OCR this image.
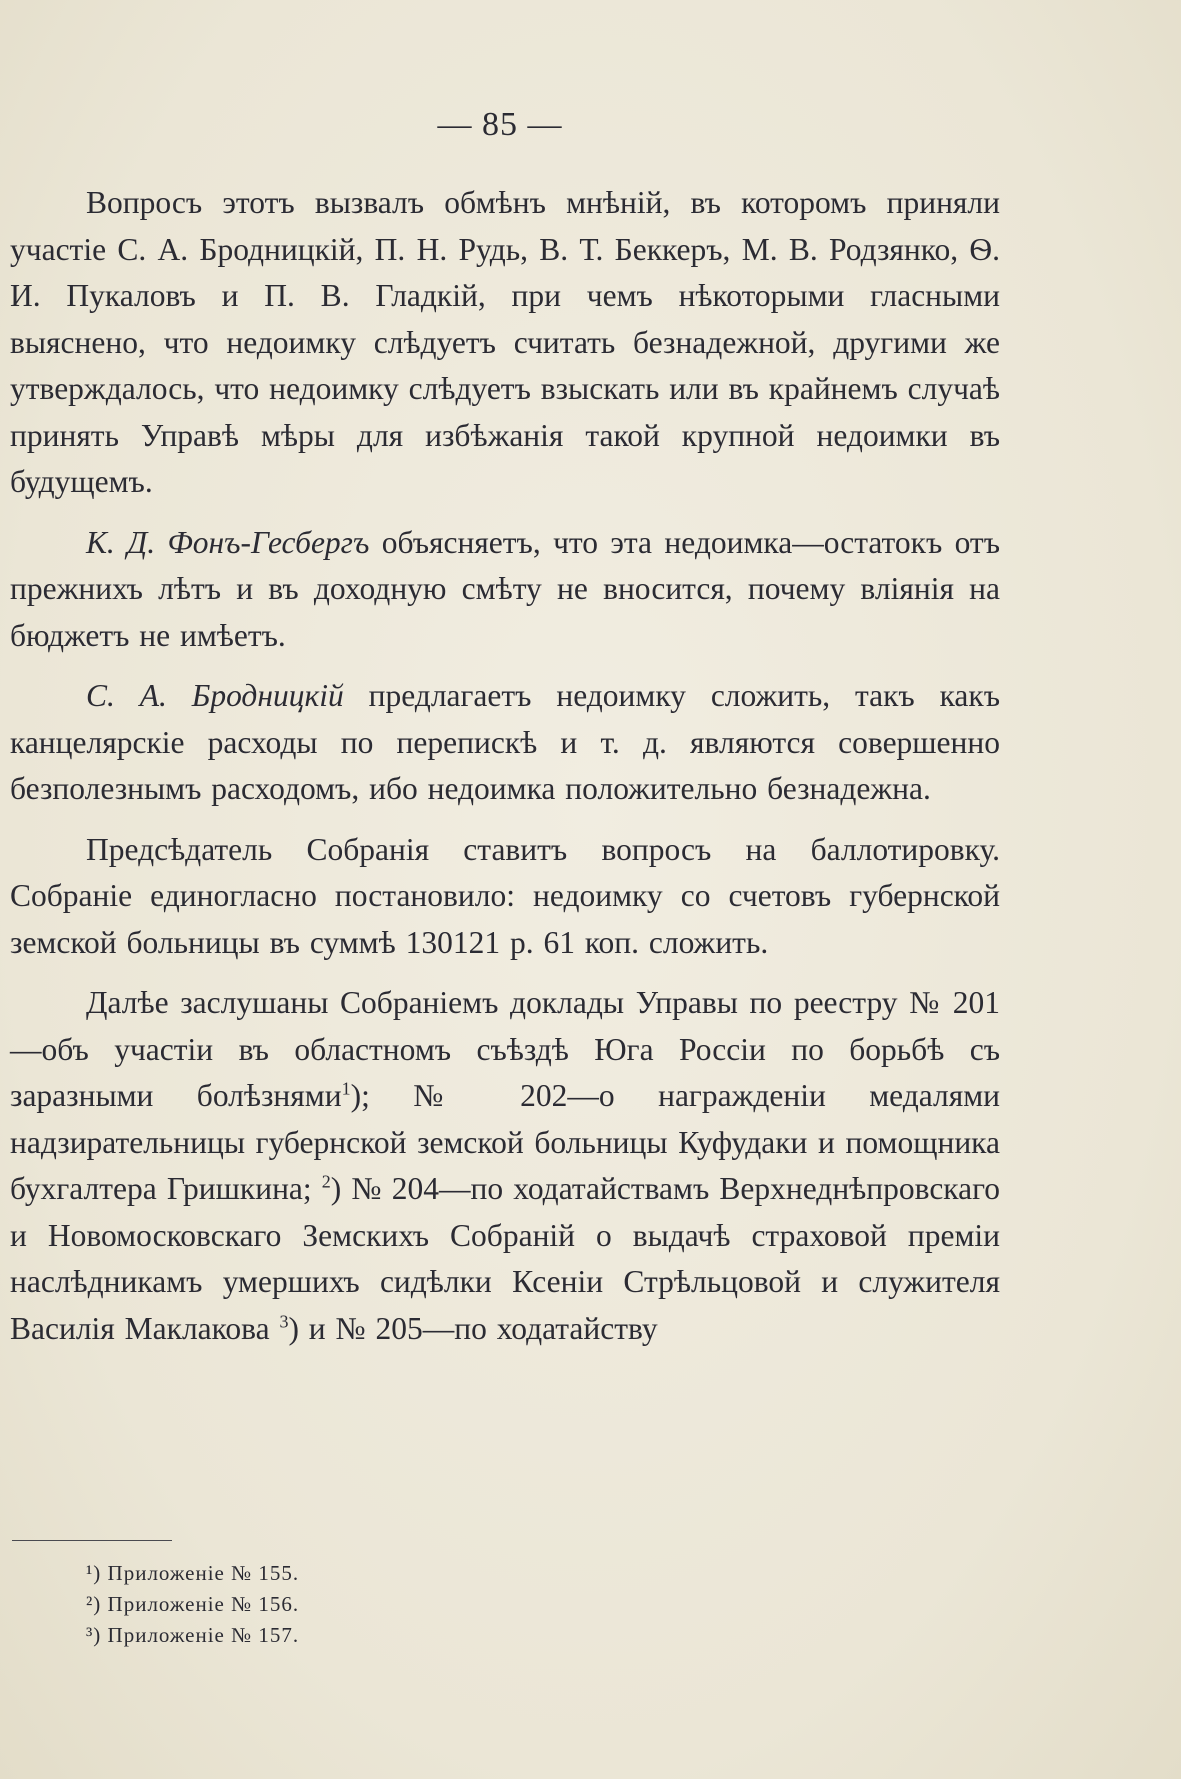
— 85 —

Вопросъ этотъ вызвалъ обмѣнъ мнѣній, въ которомъ приняли участіе С. А. Бродницкій, П. Н. Рудь, В. Т. Беккеръ, М. В. Родзянко, Ѳ. И. Пукаловъ и П. В. Гладкій, при чемъ нѣкоторыми гласными выяснено, что недоимку слѣдуетъ считать безнадежной, другими же утверждалось, что недоимку слѣдуетъ взыскать или въ крайнемъ случаѣ принять Управѣ мѣры для избѣжанія такой крупной недоимки въ будущемъ.

К. Д. Фонъ-Гесбергъ объясняетъ, что эта недоимка—остатокъ отъ прежнихъ лѣтъ и въ доходную смѣту не вносится, почему вліянія на бюджетъ не имѣетъ.

С. А. Бродницкій предлагаетъ недоимку сложить, такъ какъ канцелярскіе расходы по перепискѣ и т. д. являются совершенно безполезнымъ расходомъ, ибо недоимка положительно безнадежна.

Предсѣдатель Собранія ставитъ вопросъ на баллотировку. Собраніе единогласно постановило: недоимку со счетовъ губернской земской больницы въ суммѣ 130121 р. 61 коп. сложить.

Далѣе заслушаны Собраніемъ доклады Управы по реестру № 201—объ участіи въ областномъ съѣздѣ Юга Россіи по борьбѣ съ заразными болѣзнями$^1$); № 202—о награжденіи медалями надзирательницы губернской земской больницы Куфудаки и помощника бухгалтера Гришкина; $^2$) № 204—по ходатайствамъ Верхнеднѣпровскаго и Новомосковскаго Земскихъ Собраній о выдачѣ страховой преміи наслѣдникамъ умершихъ сидѣлки Ксеніи Стрѣльцовой и служителя Василія Маклакова $^3$) и № 205—по ходатайству

¹) Приложеніе № 155.
²) Приложеніе № 156.
³) Приложеніе № 157.
